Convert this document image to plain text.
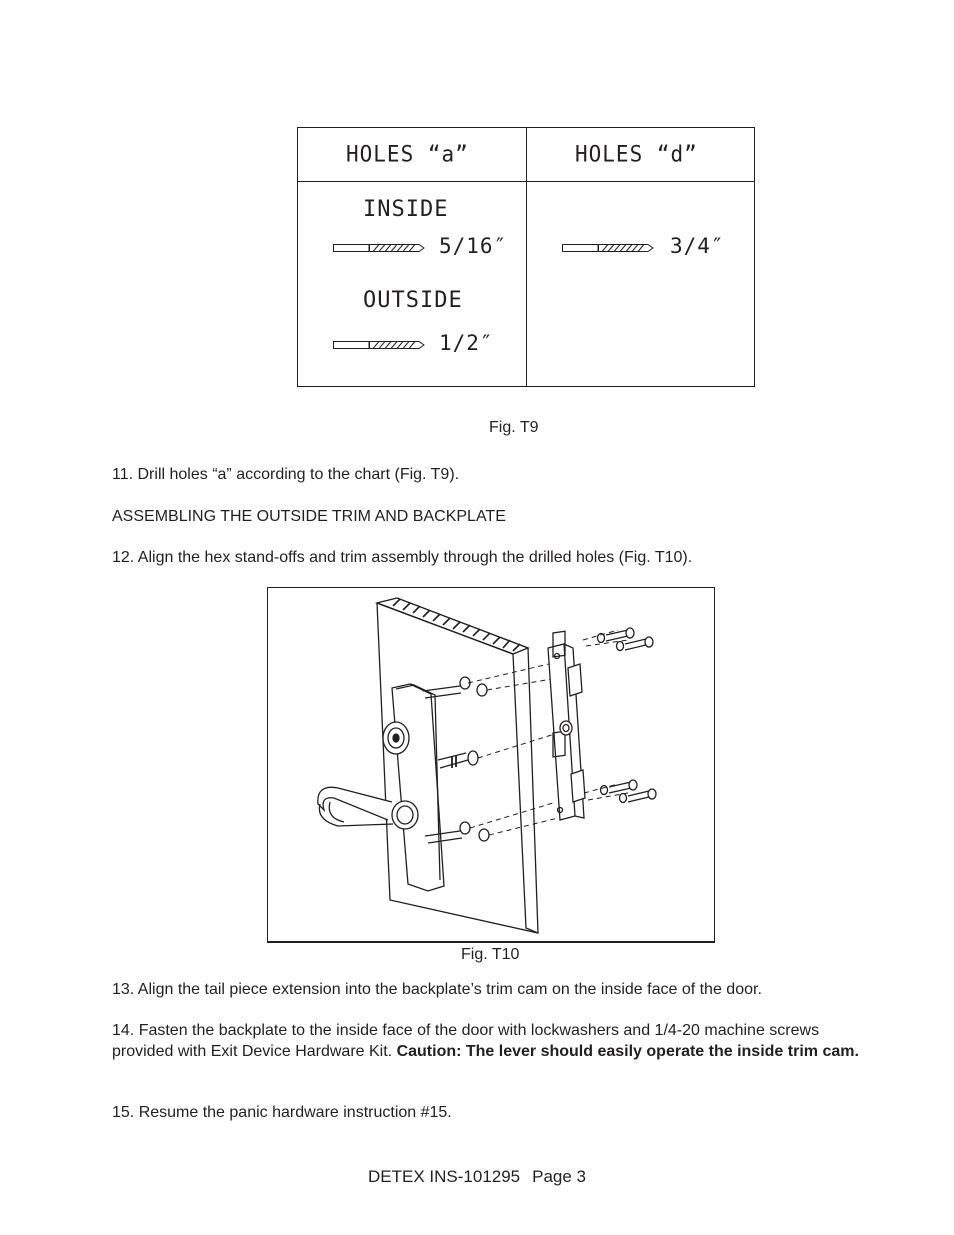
HOLES “a”	HOLES “d”
INSIDE
5/16″
OUTSIDE
1/2″
3/4″
Fig. T9
11. Drill holes “a” according to the chart (Fig. T9).
ASSEMBLING THE OUTSIDE TRIM AND BACKPLATE
12. Align the hex stand-offs and trim assembly through the drilled holes (Fig. T10).
Fig. T10
13. Align the tail piece extension into the backplate’s trim cam on the inside face of the door.
14. Fasten the backplate to the inside face of the door with lockwashers and 1/4-20 machine screws provided with Exit Device Hardware Kit. Caution: The lever should easily operate the inside trim cam.
15. Resume the panic hardware instruction #15.
DETEX INS-101295 Page 3
